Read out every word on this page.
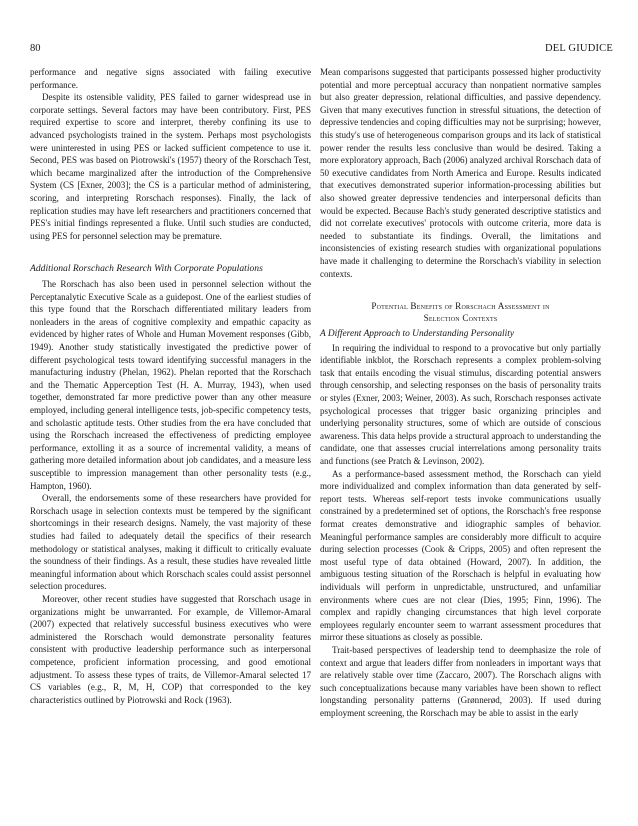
80	DEL GIUDICE

performance and negative signs associated with failing executive performance.

Despite its ostensible validity, PES failed to garner widespread use in corporate settings. Several factors may have been contributory. First, PES required expertise to score and interpret, thereby confining its use to advanced psychologists trained in the system. Perhaps most psychologists were uninterested in using PES or lacked sufficient competence to use it. Second, PES was based on Piotrowski's (1957) theory of the Rorschach Test, which became marginalized after the introduction of the Comprehensive System (CS [Exner, 2003]; the CS is a particular method of administering, scoring, and interpreting Rorschach responses). Finally, the lack of replication studies may have left researchers and practitioners concerned that PES's initial findings represented a fluke. Until such studies are conducted, using PES for personnel selection may be premature.

Additional Rorschach Research With Corporate Populations

The Rorschach has also been used in personnel selection without the Perceptanalytic Executive Scale as a guidepost. One of the earliest studies of this type found that the Rorschach differentiated military leaders from nonleaders in the areas of cognitive complexity and empathic capacity as evidenced by higher rates of Whole and Human Movement responses (Gibb, 1949). Another study statistically investigated the predictive power of different psychological tests toward identifying successful managers in the manufacturing industry (Phelan, 1962). Phelan reported that the Rorschach and the Thematic Apperception Test (H. A. Murray, 1943), when used together, demonstrated far more predictive power than any other measure employed, including general intelligence tests, job-specific competency tests, and scholastic aptitude tests. Other studies from the era have concluded that using the Rorschach increased the effectiveness of predicting employee performance, extolling it as a source of incremental validity, a means of gathering more detailed information about job candidates, and a measure less susceptible to impression management than other personality tests (e.g., Hampton, 1960).

Overall, the endorsements some of these researchers have provided for Rorschach usage in selection contexts must be tempered by the significant shortcomings in their research designs. Namely, the vast majority of these studies had failed to adequately detail the specifics of their research methodology or statistical analyses, making it difficult to critically evaluate the soundness of their findings. As a result, these studies have revealed little meaningful information about which Rorschach scales could assist personnel selection procedures.

Moreover, other recent studies have suggested that Rorschach usage in organizations might be unwarranted. For example, de Villemor-Amaral (2007) expected that relatively successful business executives who were administered the Rorschach would demonstrate personality features consistent with productive leadership performance such as interpersonal competence, proficient information processing, and good emotional adjustment. To assess these types of traits, de Villemor-Amaral selected 17 CS variables (e.g., R, M, H, COP) that corresponded to the key characteristics outlined by Piotrowski and Rock (1963).

Mean comparisons suggested that participants possessed higher productivity potential and more perceptual accuracy than nonpatient normative samples but also greater depression, relational difficulties, and passive dependency. Given that many executives function in stressful situations, the detection of depressive tendencies and coping difficulties may not be surprising; however, this study's use of heterogeneous comparison groups and its lack of statistical power render the results less conclusive than would be desired. Taking a more exploratory approach, Bach (2006) analyzed archival Rorschach data of 50 executive candidates from North America and Europe. Results indicated that executives demonstrated superior information-processing abilities but also showed greater depressive tendencies and interpersonal deficits than would be expected. Because Bach's study generated descriptive statistics and did not correlate executives' protocols with outcome criteria, more data is needed to substantiate its findings. Overall, the limitations and inconsistencies of existing research studies with organizational populations have made it challenging to determine the Rorschach's viability in selection contexts.

Potential Benefits of Rorschach Assessment in
Selection Contexts
A Different Approach to Understanding Personality

In requiring the individual to respond to a provocative but only partially identifiable inkblot, the Rorschach represents a complex problem-solving task that entails encoding the visual stimulus, discarding potential answers through censorship, and selecting responses on the basis of personality traits or styles (Exner, 2003; Weiner, 2003). As such, Rorschach responses activate psychological processes that trigger basic organizing principles and underlying personality structures, some of which are outside of conscious awareness. This data helps provide a structural approach to understanding the candidate, one that assesses crucial interrelations among personality traits and functions (see Pratch & Levinson, 2002).

As a performance-based assessment method, the Rorschach can yield more individualized and complex information than data generated by self-report tests. Whereas self-report tests invoke communications usually constrained by a predetermined set of options, the Rorschach's free response format creates demonstrative and idiographic samples of behavior. Meaningful performance samples are considerably more difficult to acquire during selection processes (Cook & Cripps, 2005) and often represent the most useful type of data obtained (Howard, 2007). In addition, the ambiguous testing situation of the Rorschach is helpful in evaluating how individuals will perform in unpredictable, unstructured, and unfamiliar environments where cues are not clear (Dies, 1995; Finn, 1996). The complex and rapidly changing circumstances that high level corporate employees regularly encounter seem to warrant assessment procedures that mirror these situations as closely as possible.

Trait-based perspectives of leadership tend to deemphasize the role of context and argue that leaders differ from nonleaders in important ways that are relatively stable over time (Zaccaro, 2007). The Rorschach aligns with such conceptualizations because many variables have been shown to reflect longstanding personality patterns (Grønnerød, 2003). If used during employment screening, the Rorschach may be able to assist in the early
